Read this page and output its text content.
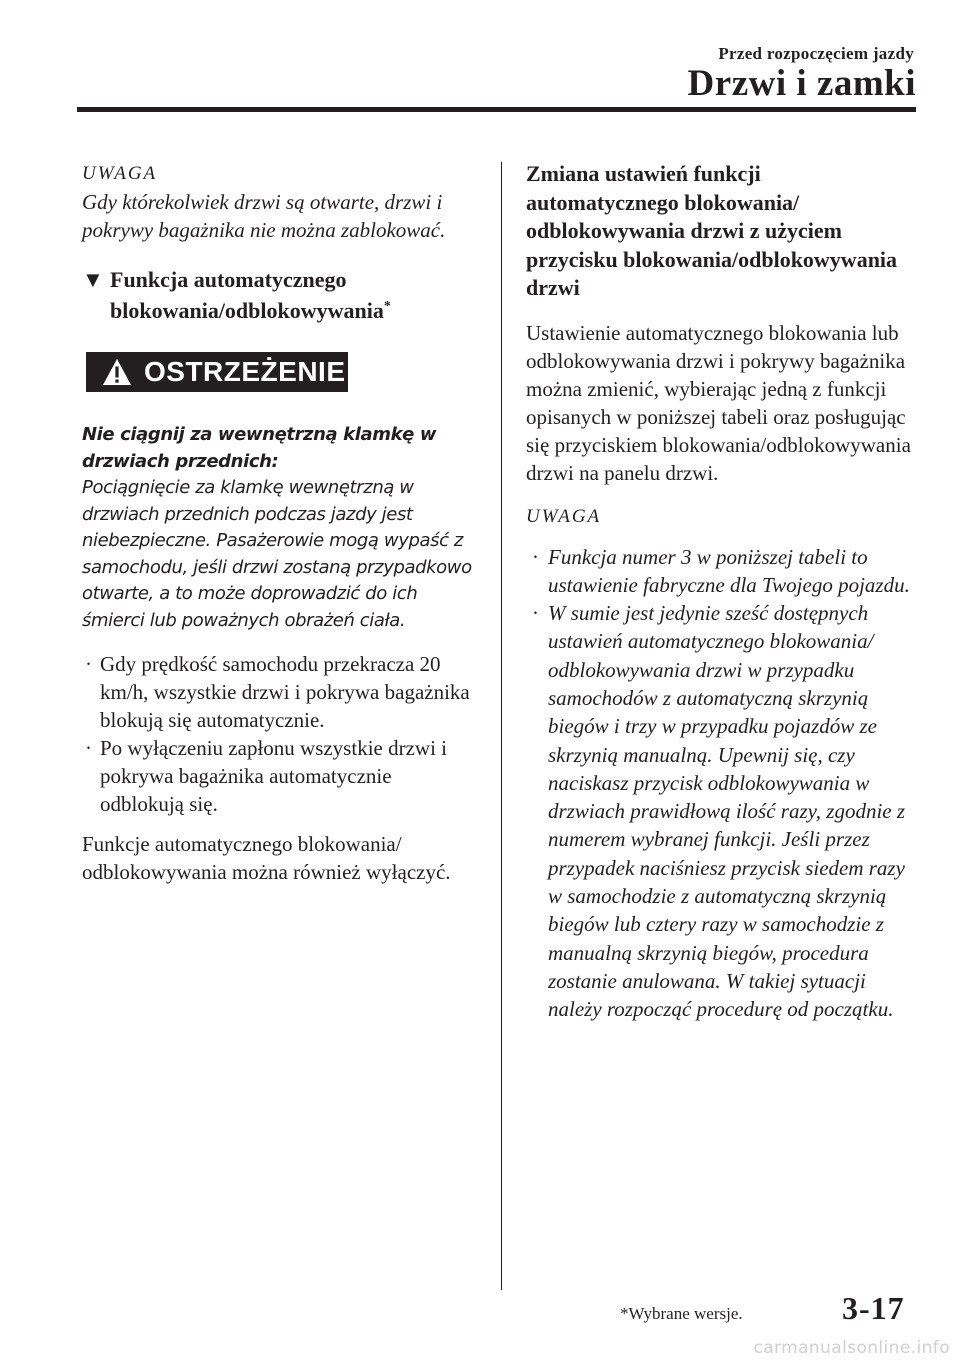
Przed rozpoczęciem jazdy
Drzwi i zamki

UWAGA

Gdy którekolwiek drzwi są otwarte, drzwi i pokrywy bagażnika nie można zablokować.

▼ Funkcja automatycznego
blokowania/odblokowywania*
OSTRZEŻENIE

Nie ciągnij za wewnętrzną klamkę w drzwiach przednich:

Pociągnięcie za klamkę wewnętrzną w drzwiach przednich podczas jazdy jest niebezpieczne. Pasażerowie mogą wypaść z samochodu, jeśli drzwi zostaną przypadkowo otwarte, a to może doprowadzić do ich śmierci lub poważnych obrażeń ciała.

· Gdy prędkość samochodu przekracza 20 km/h, wszystkie drzwi i pokrywa bagażnika blokują się automatycznie.
· Po wyłączeniu zapłonu wszystkie drzwi i pokrywa bagażnika automatycznie odblokują się.

Funkcje automatycznego blokowania/ odblokowywania można również wyłączyć.

Zmiana ustawień funkcji automatycznego blokowania/ odblokowywania drzwi z użyciem przycisku blokowania/odblokowywania drzwi

Ustawienie automatycznego blokowania lub odblokowywania drzwi i pokrywy bagażnika można zmienić, wybierając jedną z funkcji opisanych w poniższej tabeli oraz posługując się przyciskiem blokowania/odblokowywania drzwi na panelu drzwi.

UWAGA

· Funkcja numer 3 w poniższej tabeli to ustawienie fabryczne dla Twojego pojazdu.
· W sumie jest jedynie sześć dostępnych ustawień automatycznego blokowania/ odblokowywania drzwi w przypadku samochodów z automatyczną skrzynią biegów i trzy w przypadku pojazdów ze skrzynią manualną. Upewnij się, czy naciskasz przycisk odblokowywania w drzwiach prawidłową ilość razy, zgodnie z numerem wybranej funkcji. Jeśli przez przypadek naciśniesz przycisk siedem razy w samochodzie z automatyczną skrzynią biegów lub cztery razy w samochodzie z manualną skrzynią biegów, procedura zostanie anulowana. W takiej sytuacji należy rozpocząć procedurę od początku.
*Wybrane wersje.	3-17
carmanualsonline.info
